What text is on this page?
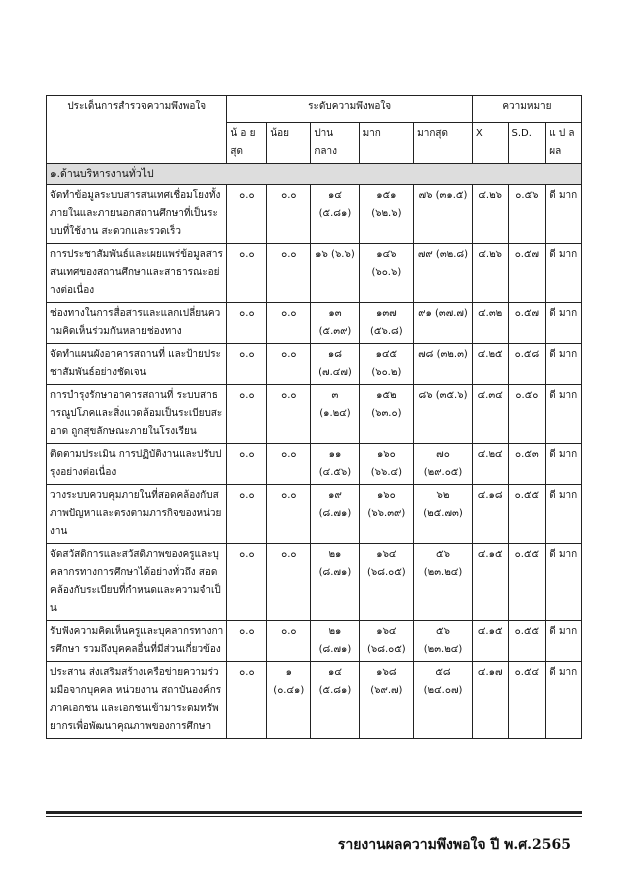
ประเด็นการสำรวจความพึงพอใจ	ระดับความพึงพอใจ					ความหมาย		
	น้ อ ย สุด	น้อย	ปานกลาง	มาก	มากสุด	X	S.D.	แ ป ล ผล
๑.ด้านบริหารงานทั่วไป								
จัดทำข้อมูลระบบสารสนเทศเชื่อมโยงทั้งภายในและภายนอกสถานศึกษาที่เป็นระบบที่ใช้งาน สะดวกและรวดเร็ว	๐.๐	๐.๐	๑๔ (๕.๘๑)	๑๕๑ (๖๒.๖)	๗๖ (๓๑.๕)	๔.๒๖	๐.๕๖	ดี มาก
การประชาสัมพันธ์และเผยแพร่ข้อมูลสารสนเทศของสถานศึกษาและสาธารณะอย่างต่อเนื่อง	๐.๐	๐.๐	๑๖ (๖.๖)	๑๔๖ (๖๐.๖)	๗๙ (๓๒.๘)	๔.๒๖	๐.๕๗	ดี มาก
ช่องทางในการสื่อสารและแลกเปลี่ยนความคิดเห็นร่วมกันหลายช่องทาง	๐.๐	๐.๐	๑๓ (๕.๓๙)	๑๓๗ (๕๖.๘)	๙๑ (๓๗.๗)	๔.๓๒	๐.๕๗	ดี มาก
จัดทำแผนผังอาคารสถานที่ และป้ายประชาสัมพันธ์อย่างชัดเจน	๐.๐	๐.๐	๑๘ (๗.๔๗)	๑๔๕ (๖๐.๒)	๗๘ (๓๒.๓)	๔.๒๕	๐.๕๘	ดี มาก
การบำรุงรักษาอาคารสถานที่ ระบบสาธารณูปโภคและสิ่งแวดล้อมเป็นระเบียบสะอาด ถูกสุขลักษณะภายในโรงเรียน	๐.๐	๐.๐	๓ (๑.๒๔)	๑๕๒ (๖๓.๐)	๘๖ (๓๕.๖)	๔.๓๔	๐.๕๐	ดี มาก
ติดตามประเมิน การปฏิบัติงานและปรับปรุงอย่างต่อเนื่อง	๐.๐	๐.๐	๑๑ (๔.๕๖)	๑๖๐ (๖๖.๔)	๗๐ (๒๙.๐๕)	๔.๒๔	๐.๕๓	ดี มาก
วางระบบควบคุมภายในที่สอดคล้องกับสภาพปัญหาและตรงตามภารกิจของหน่วยงาน	๐.๐	๐.๐	๑๙ (๘.๗๑)	๑๖๐ (๖๖.๓๙)	๖๒ (๒๕.๗๓)	๔.๑๘	๐.๕๕	ดี มาก
จัดสวัสดิการและสวัสดิภาพของครูและบุคลากรทางการศึกษาได้อย่างทั่วถึง สอดคล้องกับระเบียบที่กำหนดและความจำเป็น	๐.๐	๐.๐	๒๑ (๘.๗๑)	๑๖๔ (๖๘.๐๕)	๕๖ (๒๓.๒๔)	๔.๑๕	๐.๕๕	ดี มาก
รับฟังความคิดเห็นครูและบุคลากรทางการศึกษา รวมถึงบุคคลอื่นที่มีส่วนเกี่ยวข้อง	๐.๐	๐.๐	๒๑ (๘.๗๑)	๑๖๔ (๖๘.๐๕)	๕๖ (๒๓.๒๔)	๔.๑๕	๐.๕๕	ดี มาก
ประสาน ส่งเสริมสร้างเครือข่ายความร่วมมือจากบุคคล หน่วยงาน สถาบันองค์กรภาคเอกชน และเอกชนเข้ามาระดมทรัพยากรเพื่อพัฒนาคุณภาพของการศึกษา	๐.๐	๑ (๐.๔๑)	๑๔ (๕.๘๑)	๑๖๘ (๖๙.๗)	๕๘ (๒๔.๐๗)	๔.๑๗	๐.๕๔	ดี มาก
รายงานผลความพึงพอใจ ปี พ.ศ.2565
